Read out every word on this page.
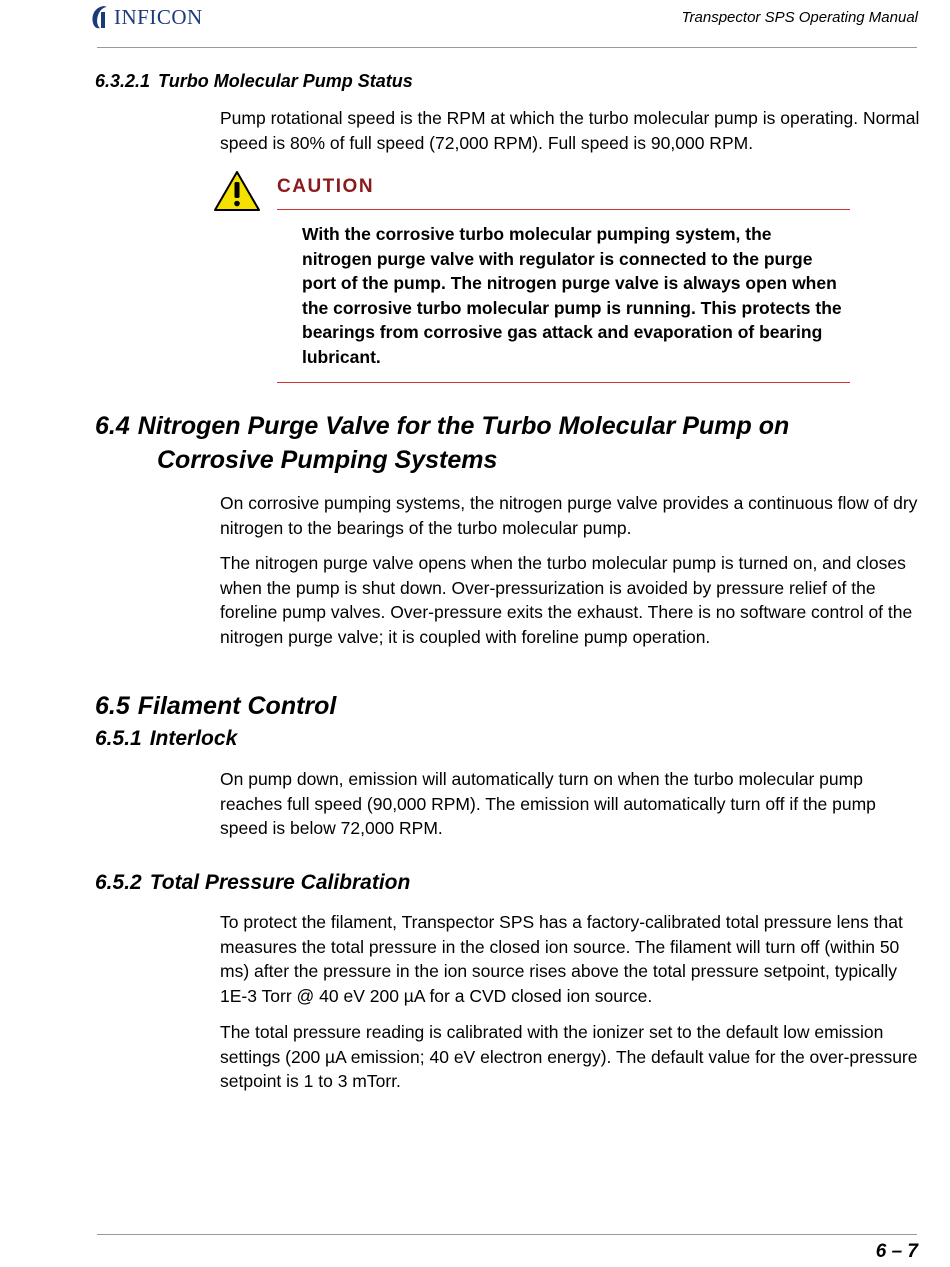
INFICON	Transpector SPS Operating Manual
6.3.2.1 Turbo Molecular Pump Status

Pump rotational speed is the RPM at which the turbo molecular pump is operating. Normal speed is 80% of full speed (72,000 RPM). Full speed is 90,000 RPM.

CAUTION

With the corrosive turbo molecular pumping system, the nitrogen purge valve with regulator is connected to the purge port of the pump. The nitrogen purge valve is always open when the corrosive turbo molecular pump is running. This protects the bearings from corrosive gas attack and evaporation of bearing lubricant.

6.4 Nitrogen Purge Valve for the Turbo Molecular Pump on
Corrosive Pumping Systems

On corrosive pumping systems, the nitrogen purge valve provides a continuous flow of dry nitrogen to the bearings of the turbo molecular pump.

The nitrogen purge valve opens when the turbo molecular pump is turned on, and closes when the pump is shut down. Over-pressurization is avoided by pressure relief of the foreline pump valves. Over-pressure exits the exhaust. There is no software control of the nitrogen purge valve; it is coupled with foreline pump operation.

6.5 Filament Control
6.5.1 Interlock

On pump down, emission will automatically turn on when the turbo molecular pump reaches full speed (90,000 RPM). The emission will automatically turn off if the pump speed is below 72,000 RPM.

6.5.2 Total Pressure Calibration

To protect the filament, Transpector SPS has a factory-calibrated total pressure lens that measures the total pressure in the closed ion source. The filament will turn off (within 50 ms) after the pressure in the ion source rises above the total pressure setpoint, typically 1E-3 Torr @ 40 eV 200 µA for a CVD closed ion source.

The total pressure reading is calibrated with the ionizer set to the default low emission settings (200 µA emission; 40 eV electron energy). The default value for the over-pressure setpoint is 1 to 3 mTorr.

6 – 7
